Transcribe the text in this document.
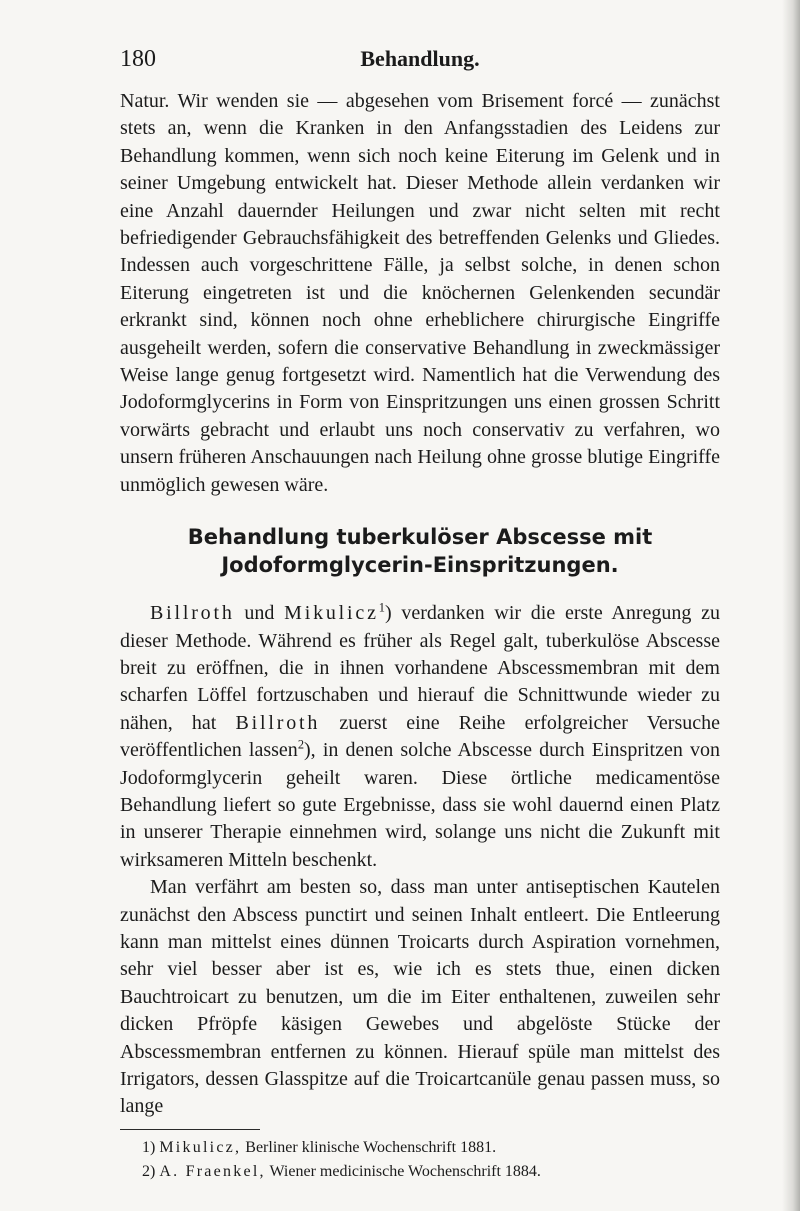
180	Behandlung.

Natur. Wir wenden sie — abgesehen vom Brisement forcé — zunächst stets an, wenn die Kranken in den Anfangsstadien des Leidens zur Behandlung kommen, wenn sich noch keine Eiterung im Gelenk und in seiner Umgebung entwickelt hat. Dieser Methode allein verdanken wir eine Anzahl dauernder Heilungen und zwar nicht selten mit recht befriedigender Gebrauchsfähigkeit des betreffenden Gelenks und Gliedes. Indessen auch vorgeschrittene Fälle, ja selbst solche, in denen schon Eiterung eingetreten ist und die knöchernen Gelenkenden secundär erkrankt sind, können noch ohne erheblichere chirurgische Eingriffe ausgeheilt werden, sofern die conservative Behandlung in zweckmässiger Weise lange genug fortgesetzt wird. Namentlich hat die Verwendung des Jodoformglycerins in Form von Einspritzungen uns einen grossen Schritt vorwärts gebracht und erlaubt uns noch conservativ zu verfahren, wo unsern früheren Anschauungen nach Heilung ohne grosse blutige Eingriffe unmöglich gewesen wäre.

Behandlung tuberkulöser Abscesse mit Jodoformglycerin-Einspritzungen.

Billroth und Mikulicz$^1$) verdanken wir die erste Anregung zu dieser Methode. Während es früher als Regel galt, tuberkulöse Abscesse breit zu eröffnen, die in ihnen vorhandene Abscessmembran mit dem scharfen Löffel fortzuschaben und hierauf die Schnittwunde wieder zu nähen, hat Billroth zuerst eine Reihe erfolgreicher Versuche veröffentlichen lassen$^2$), in denen solche Abscesse durch Einspritzen von Jodoformglycerin geheilt waren. Diese örtliche medicamentöse Behandlung liefert so gute Ergebnisse, dass sie wohl dauernd einen Platz in unserer Therapie einnehmen wird, solange uns nicht die Zukunft mit wirksameren Mitteln beschenkt.

Man verfährt am besten so, dass man unter antiseptischen Kautelen zunächst den Abscess punctirt und seinen Inhalt entleert. Die Entleerung kann man mittelst eines dünnen Troicarts durch Aspiration vornehmen, sehr viel besser aber ist es, wie ich es stets thue, einen dicken Bauchtroicart zu benutzen, um die im Eiter enthaltenen, zuweilen sehr dicken Pfröpfe käsigen Gewebes und abgelöste Stücke der Abscessmembran entfernen zu können. Hierauf spüle man mittelst des Irrigators, dessen Glasspitze auf die Troicartcanüle genau passen muss, so lange

1) Mikulicz, Berliner klinische Wochenschrift 1881.
2) A. Fraenkel, Wiener medicinische Wochenschrift 1884.
